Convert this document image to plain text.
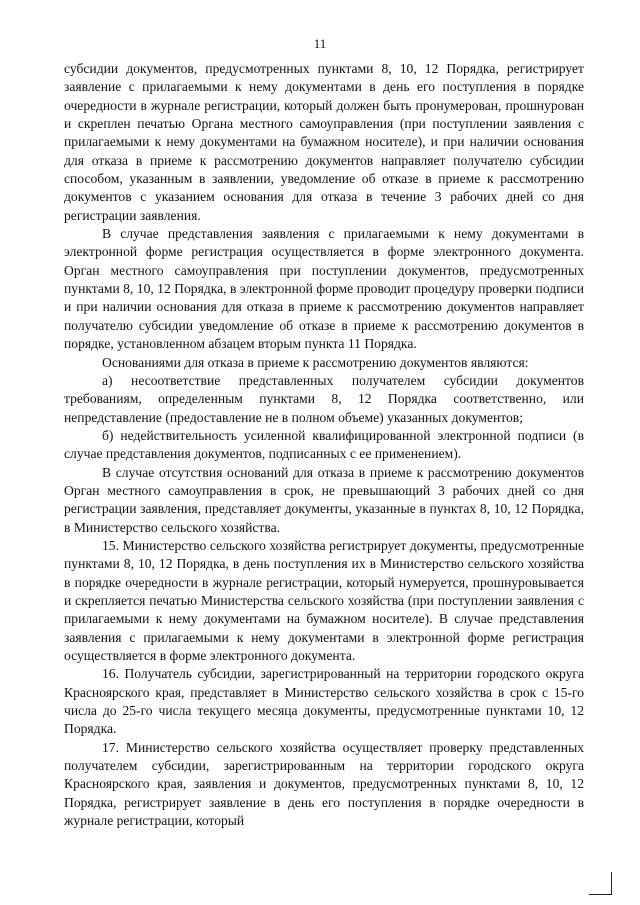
11

субсидии документов, предусмотренных пунктами 8, 10, 12 Порядка, регистрирует заявление с прилагаемыми к нему документами в день его поступления в порядке очередности в журнале регистрации, который должен быть пронумерован, прошнурован и скреплен печатью Органа местного самоуправления (при поступлении заявления с прилагаемыми к нему документами на бумажном носителе), и при наличии основания для отказа в приеме к рассмотрению документов направляет получателю субсидии способом, указанным в заявлении, уведомление об отказе в приеме к рассмотрению документов с указанием основания для отказа в течение 3 рабочих дней со дня регистрации заявления.

В случае представления заявления с прилагаемыми к нему документами в электронной форме регистрация осуществляется в форме электронного документа. Орган местного самоуправления при поступлении документов, предусмотренных пунктами 8, 10, 12 Порядка, в электронной форме проводит процедуру проверки подписи и при наличии основания для отказа в приеме к рассмотрению документов направляет получателю субсидии уведомление об отказе в приеме к рассмотрению документов в порядке, установленном абзацем вторым пункта 11 Порядка.

Основаниями для отказа в приеме к рассмотрению документов являются:

а) несоответствие представленных получателем субсидии документов требованиям, определенным пунктами 8, 12 Порядка соответственно, или непредставление (предоставление не в полном объеме) указанных документов;

б) недействительность усиленной квалифицированной электронной подписи (в случае представления документов, подписанных с ее применением).

В случае отсутствия оснований для отказа в приеме к рассмотрению документов Орган местного самоуправления в срок, не превышающий 3 рабочих дней со дня регистрации заявления, представляет документы, указанные в пунктах 8, 10, 12 Порядка, в Министерство сельского хозяйства.

15. Министерство сельского хозяйства регистрирует документы, предусмотренные пунктами 8, 10, 12 Порядка, в день поступления их в Министерство сельского хозяйства в порядке очередности в журнале регистрации, который нумеруется, прошнуровывается и скрепляется печатью Министерства сельского хозяйства (при поступлении заявления с прилагаемыми к нему документами на бумажном носителе). В случае представления заявления с прилагаемыми к нему документами в электронной форме регистрация осуществляется в форме электронного документа.

16. Получатель субсидии, зарегистрированный на территории городского округа Красноярского края, представляет в Министерство сельского хозяйства в срок с 15-го числа до 25-го числа текущего месяца документы, предусмотренные пунктами 10, 12 Порядка.

17. Министерство сельского хозяйства осуществляет проверку представленных получателем субсидии, зарегистрированным на территории городского округа Красноярского края, заявления и документов, предусмотренных пунктами 8, 10, 12 Порядка, регистрирует заявление в день его поступления в порядке очередности в журнале регистрации, который
